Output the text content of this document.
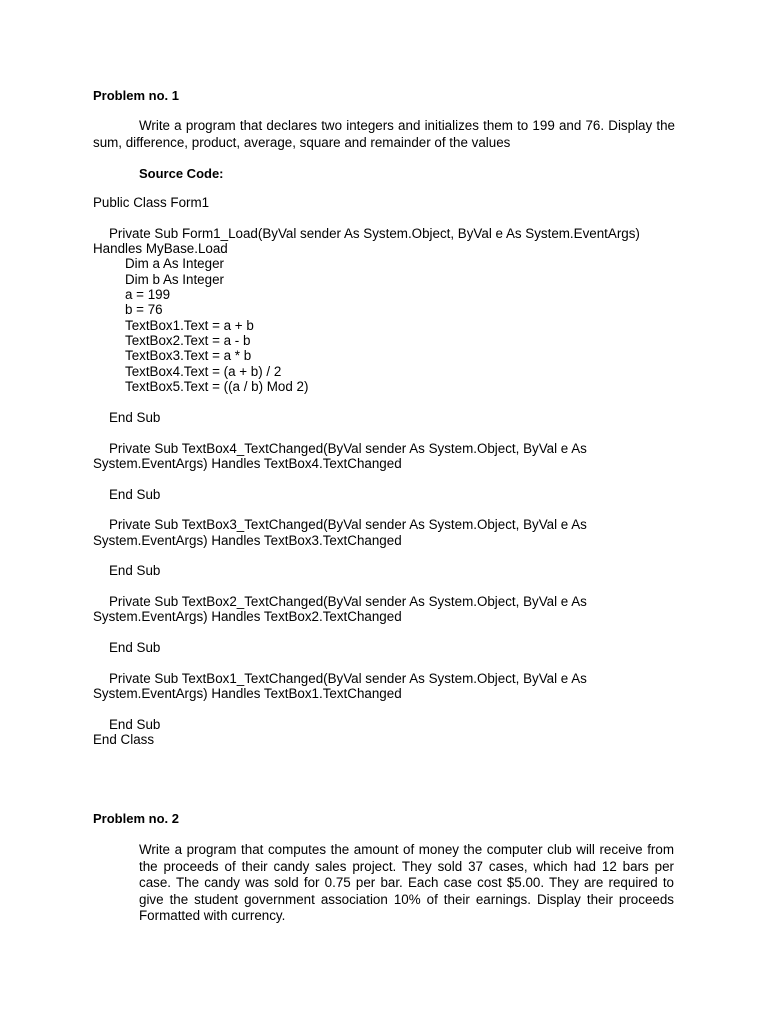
Problem no. 1
Write a program that declares two integers and initializes them to 199 and 76. Display the sum, difference, product, average, square and remainder of the values
Source Code:
Public Class Form1
Private Sub Form1_Load(ByVal sender As System.Object, ByVal e As System.EventArgs)
Handles MyBase.Load
Dim a As Integer
Dim b As Integer
a = 199
b = 76
TextBox1.Text = a + b
TextBox2.Text = a - b
TextBox3.Text = a * b
TextBox4.Text = (a + b) / 2
TextBox5.Text = ((a / b) Mod 2)
End Sub
Private Sub TextBox4_TextChanged(ByVal sender As System.Object, ByVal e As
System.EventArgs) Handles TextBox4.TextChanged
End Sub
Private Sub TextBox3_TextChanged(ByVal sender As System.Object, ByVal e As
System.EventArgs) Handles TextBox3.TextChanged
End Sub
Private Sub TextBox2_TextChanged(ByVal sender As System.Object, ByVal e As
System.EventArgs) Handles TextBox2.TextChanged
End Sub
Private Sub TextBox1_TextChanged(ByVal sender As System.Object, ByVal e As
System.EventArgs) Handles TextBox1.TextChanged
End Sub
End Class
Problem no. 2
Write a program that computes the amount of money the computer club will receive from the proceeds of their candy sales project. They sold 37 cases, which had 12 bars per case. The candy was sold for 0.75 per bar. Each case cost $5.00. They are required to give the student government association 10% of their earnings. Display their proceeds Formatted with currency.
